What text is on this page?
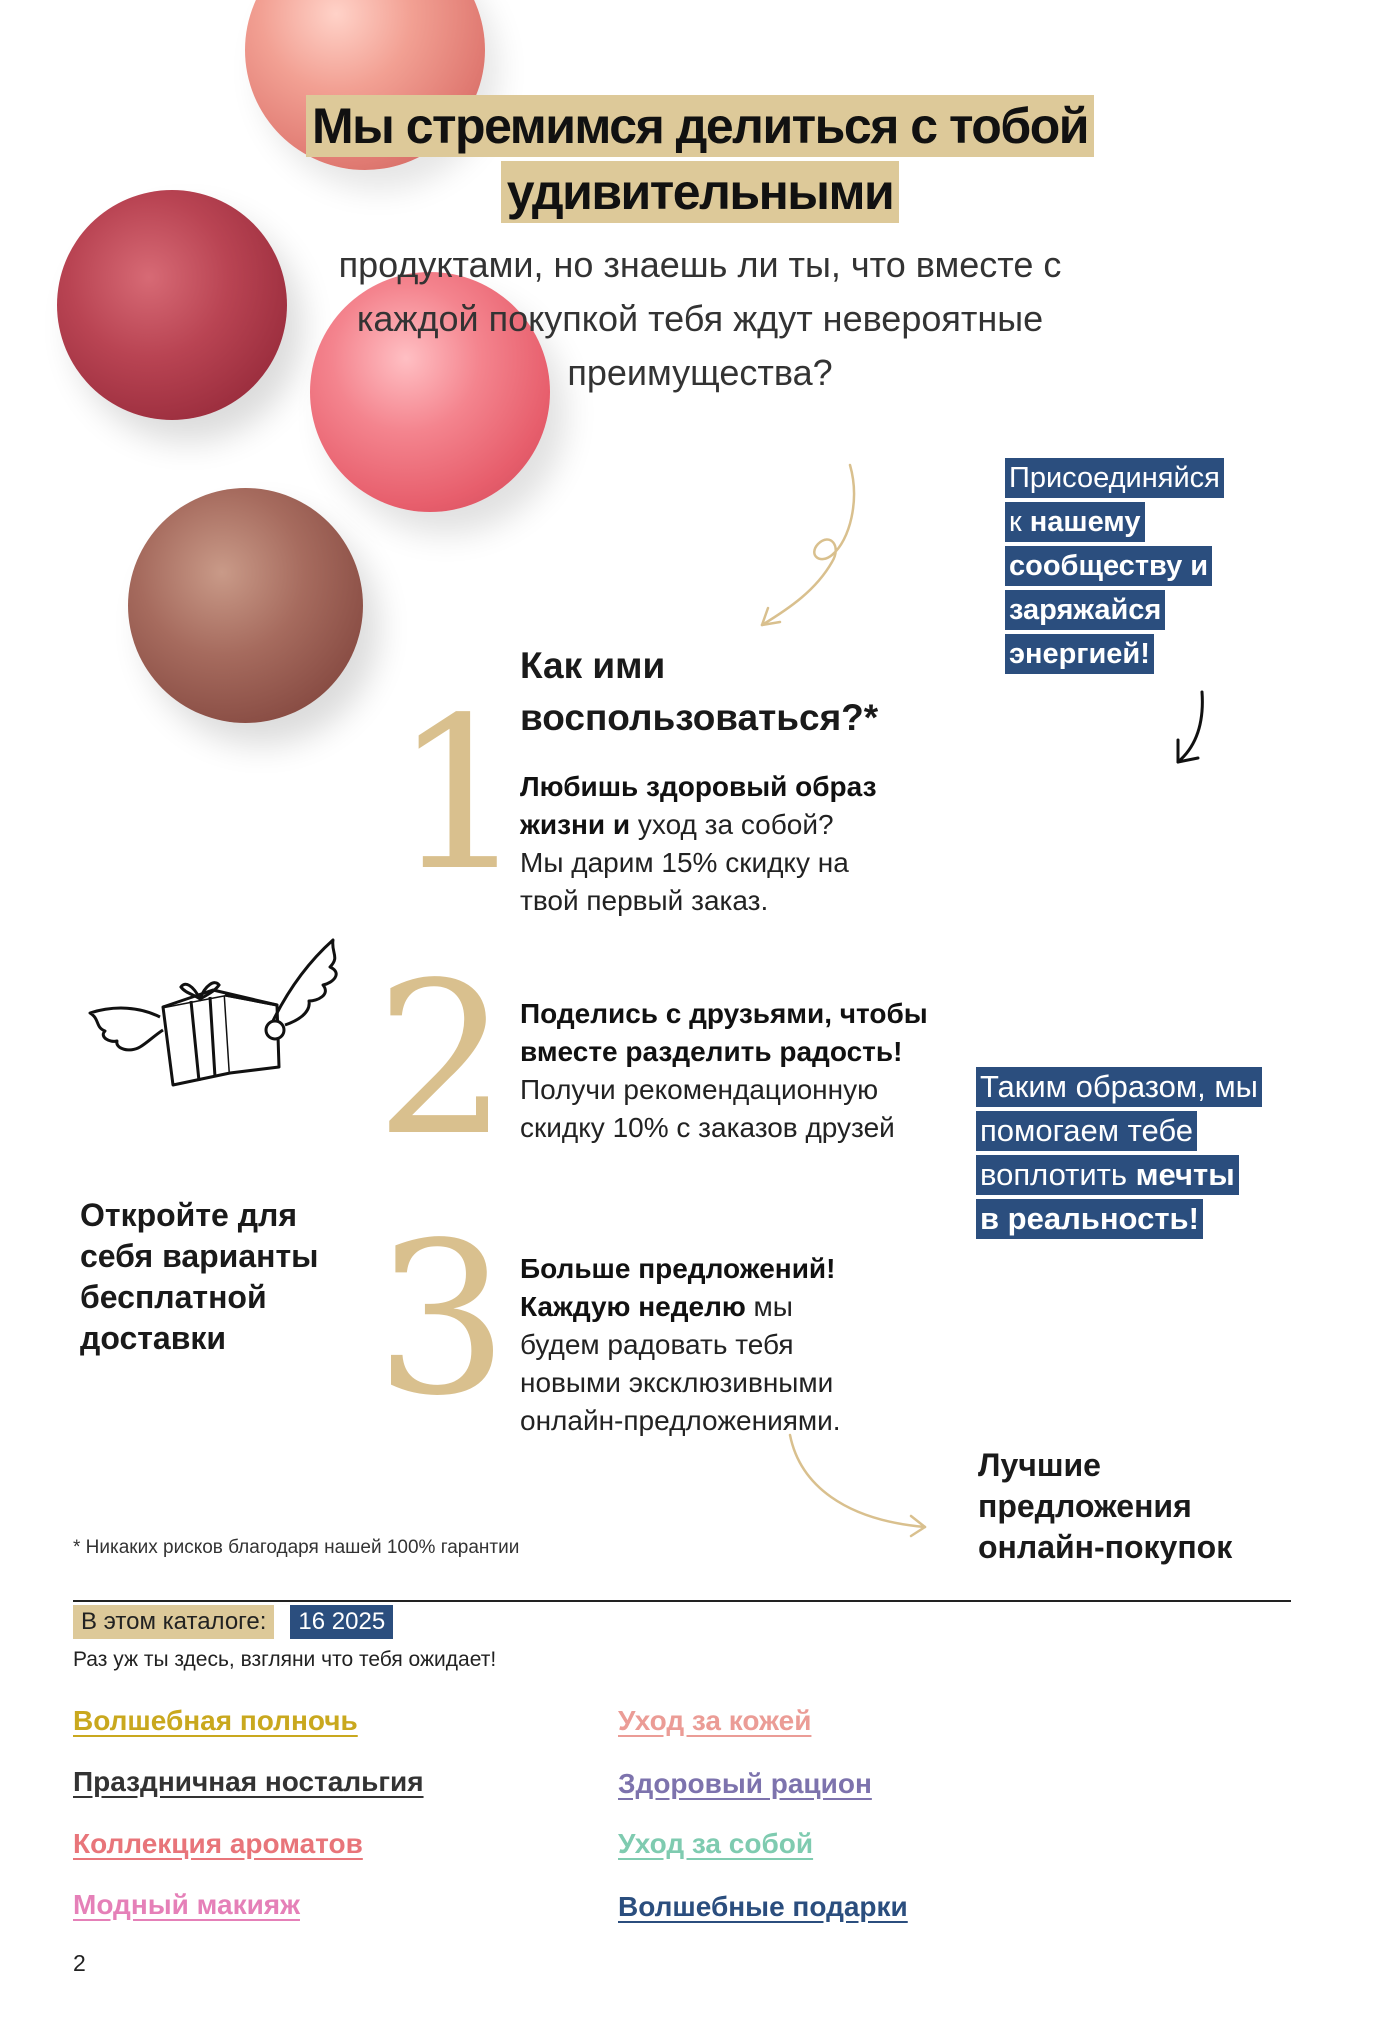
Мы стремимся делиться с тобой
удивительными
продуктами, но знаешь ли ты, что вместе с
каждой покупкой тебя ждут невероятные
преимущества?
Присоединяйся
к нашему
сообществу и
заряжайся
энергией!
Как ими
воспользоваться?*
1
2
3
Любишь здоровый образ
жизни и уход за собой?
Мы дарим 15% скидку на
твой первый заказ.
Поделись с друзьями, чтобы
вместе разделить радость!
Получи рекомендационную
скидку 10% с заказов друзей
Больше предложений!
Каждую неделю мы
будем радовать тебя
новыми эксклюзивными
онлайн-предложениями.
Откройте для
себя варианты
бесплатной
доставки
Таким образом, мы
помогаем тебе
воплотить мечты
в реальность!
Лучшие
предложения
онлайн-покупок
* Никаких рисков благодаря нашей 100% гарантии
В этом каталоге:	16 2025
Раз уж ты здесь, взгляни что тебя ожидает!
Волшебная полночь
Праздничная ностальгия
Коллекция ароматов
Модный макияж
Уход за кожей
Здоровый рацион
Уход за собой
Волшебные подарки
2
